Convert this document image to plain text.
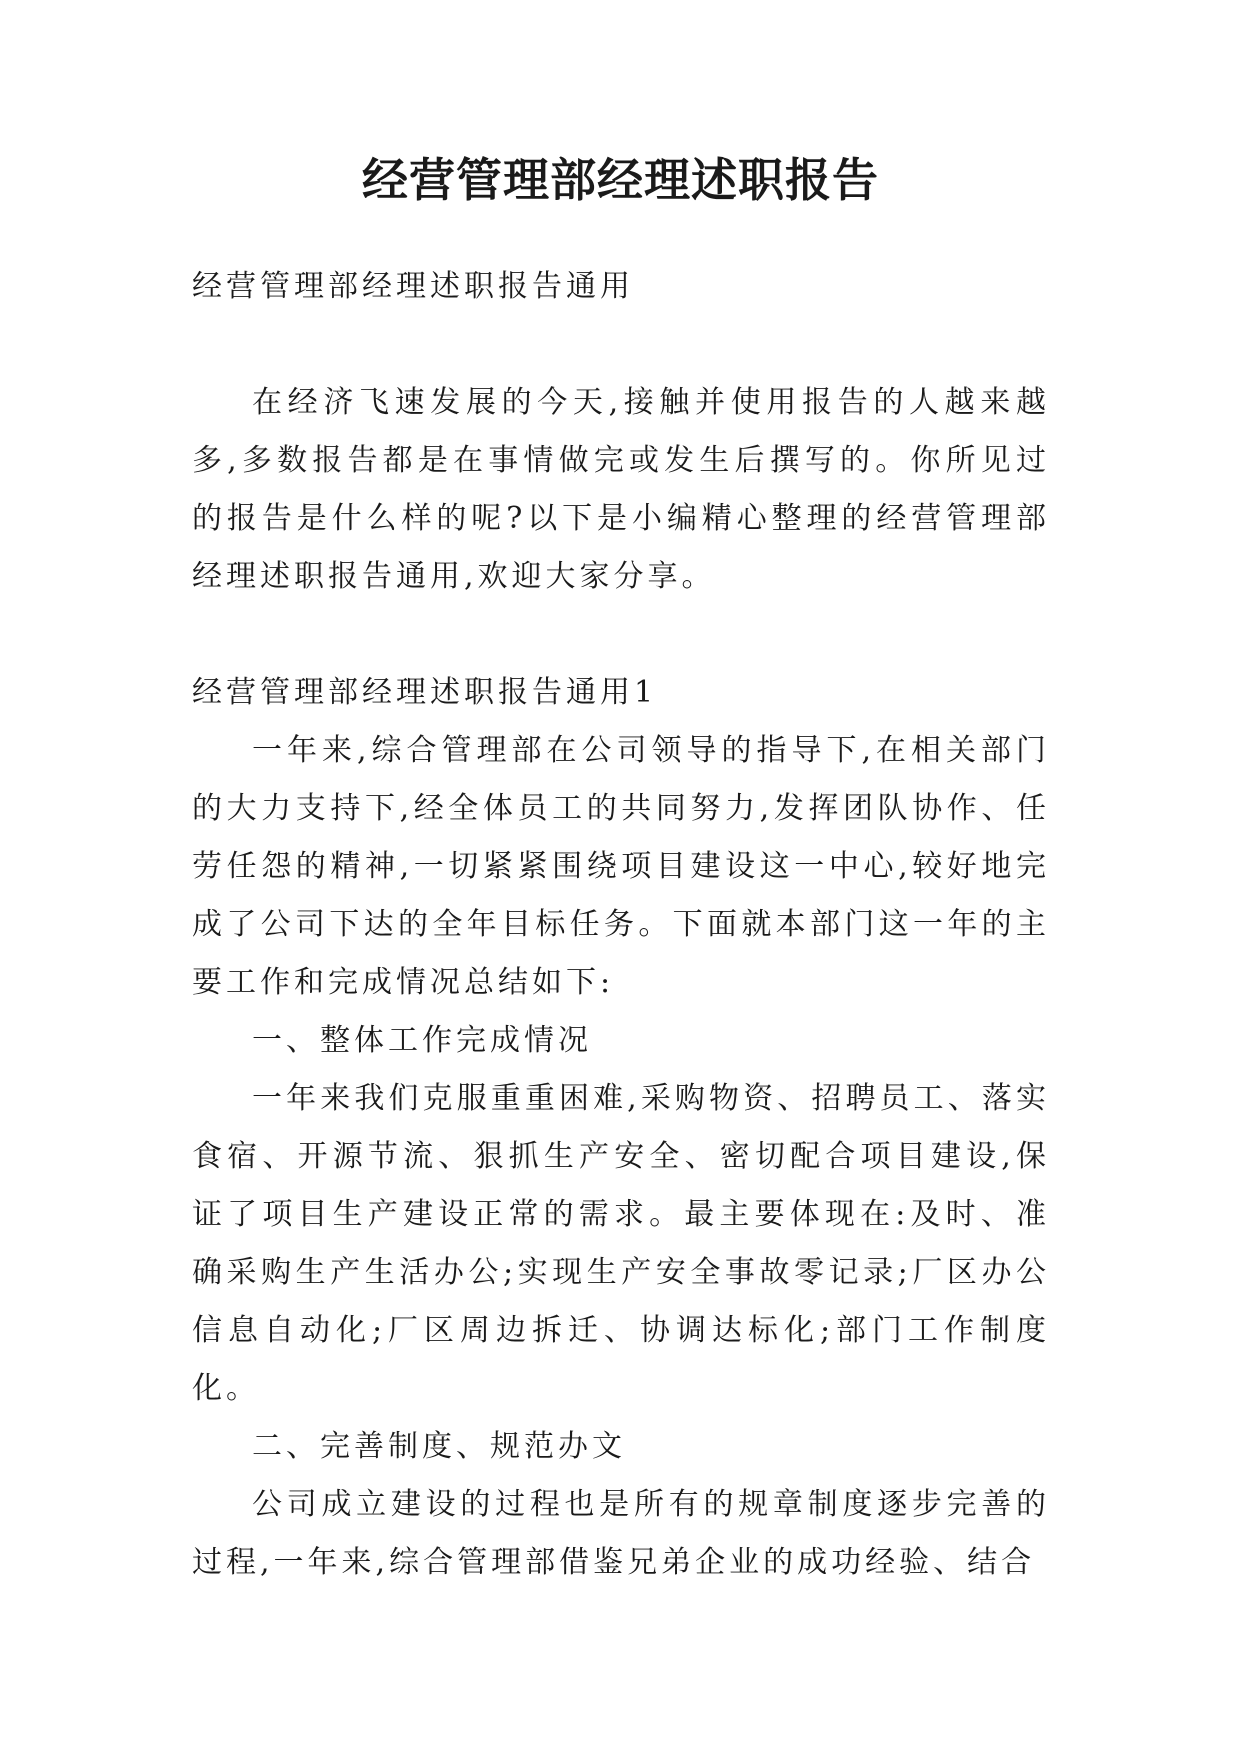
经营管理部经理述职报告

经营管理部经理述职报告通用

在经济飞速发展的今天,接触并使用报告的人越来越多,多数报告都是在事情做完或发生后撰写的。你所见过的报告是什么样的呢?以下是小编精心整理的经营管理部经理述职报告通用,欢迎大家分享。

经营管理部经理述职报告通用1

一年来,综合管理部在公司领导的指导下,在相关部门的大力支持下,经全体员工的共同努力,发挥团队协作、任劳任怨的精神,一切紧紧围绕项目建设这一中心,较好地完成了公司下达的全年目标任务。下面就本部门这一年的主要工作和完成情况总结如下:

一、整体工作完成情况

一年来我们克服重重困难,采购物资、招聘员工、落实食宿、开源节流、狠抓生产安全、密切配合项目建设,保证了项目生产建设正常的需求。最主要体现在:及时、准确采购生产生活办公;实现生产安全事故零记录;厂区办公信息自动化;厂区周边拆迁、协调达标化;部门工作制度化。

二、完善制度、规范办文

公司成立建设的过程也是所有的规章制度逐步完善的过程,一年来,综合管理部借鉴兄弟企业的成功经验、结合
